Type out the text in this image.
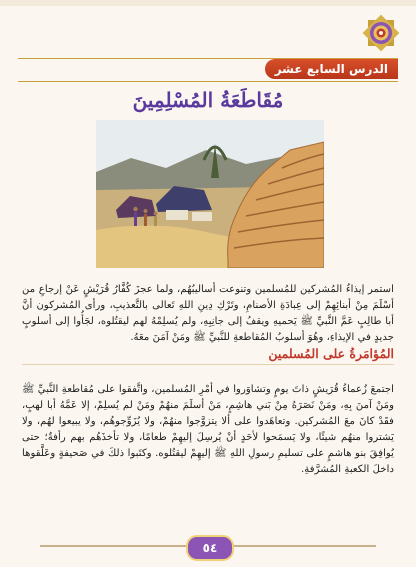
الدرس السابع عشر
مُقَاطَعَةُ المُسْلِمِينَ

استمر إيذاءُ المُشركين للمُسلمين وتنوعت أساليبُهُم، ولما عجزَ كُفَّارُ قُرَيْشٍ عَنْ إرجاعِ من أسْلَمَ مِنْ أبنائِهِمْ إلى عِبادَةِ الأصنامِ، وتَرْكِ دِينِ اللهِ تَعالى بالتَّعذيبِ، ورأى المُشركون أنَّ أبا طالِبٍ عَمَّ النَّبيِّ ﷺ يَحميهِ ويقفُ إلى جانِبِهِ، ولم يُسلِمْهُ لهم ليقتُلوه، لجَأُوا إلى أسلوبٍ جديدٍ في الإيذاءِ، وهُوَ أسلوبُ المُقاطعةِ للنَّبيِّ ﷺ ومَنْ آمَنَ معَهُ.

المُؤامَرةُ على المُسلمين

اجتمعَ زُعماءُ قُرَيشٍ ذاتَ يومٍ وتشاوَروا في أمْرِ المُسلمين، واتَّفقوا على مُقاطعةِ النَّبيِّ ﷺ ومَنْ آمنَ بِهِ، ومَنْ نَصَرَهُ مِنْ بَني هاشِمٍ، مَنْ أسلَمَ منهُمْ ومَنْ لم يُسلِمْ، إلا عَمَّهُ أبا لهبٍ، فقَدْ كانَ معَ المُشركين. وتعاهَدوا على ألا يتزوَّجوا منهُمْ، ولا يُزَوِّجوهُم، ولا يبيعوا لهُم، ولا يَشتروا منهُم شيئًا، ولا يَسمَحوا لأحَدٍ أنْ يُرسِلَ إليهِمْ طعامًا، ولا تأخذَهُم بهم رأفةٌ؛ حتى يُوافِقَ بنو هاشمٍ على تسليمِ رسولِ اللهِ ﷺ إليهِمْ ليقتُلوه. وكتَبوا ذلكَ في صَحيفةٍ وعَلَّقوها داخلَ الكعبةِ المُشرَّفةِ.

٥٤
